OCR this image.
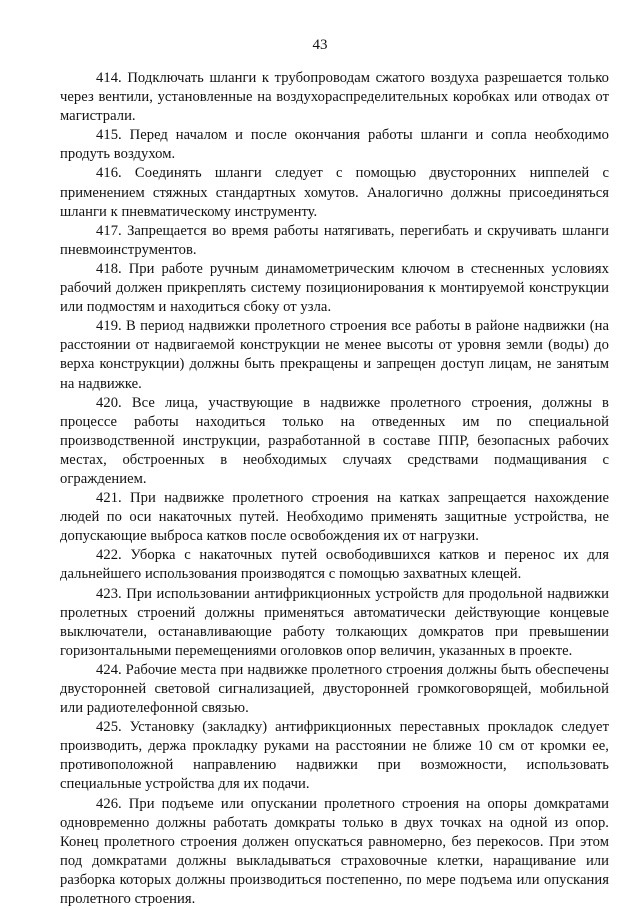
43

414. Подключать шланги к трубопроводам сжатого воздуха разрешается только через вентили, установленные на воздухораспределительных коробках или отводах от магистрали.

415. Перед началом и после окончания работы шланги и сопла необходимо продуть воздухом.

416. Соединять шланги следует с помощью двусторонних ниппелей с применением стяжных стандартных хомутов. Аналогично должны присоединяться шланги к пневматическому инструменту.

417. Запрещается во время работы натягивать, перегибать и скручивать шланги пневмоинструментов.

418. При работе ручным динамометрическим ключом в стесненных условиях рабочий должен прикреплять систему позиционирования к монтируемой конструкции или подмостям и находиться сбоку от узла.

419. В период надвижки пролетного строения все работы в районе надвижки (на расстоянии от надвигаемой конструкции не менее высоты от уровня земли (воды) до верха конструкции) должны быть прекращены и запрещен доступ лицам, не занятым на надвижке.

420. Все лица, участвующие в надвижке пролетного строения, должны в процессе работы находиться только на отведенных им по специальной производственной инструкции, разработанной в составе ППР, безопасных рабочих местах, обстроенных в необходимых случаях средствами подмащивания с ограждением.

421. При надвижке пролетного строения на катках запрещается нахождение людей по оси накаточных путей. Необходимо применять защитные устройства, не допускающие выброса катков после освобождения их от нагрузки.

422. Уборка с накаточных путей освободившихся катков и перенос их для дальнейшего использования производятся с помощью захватных клещей.

423. При использовании антифрикционных устройств для продольной надвижки пролетных строений должны применяться автоматически действующие концевые выключатели, останавливающие работу толкающих домкратов при превышении горизонтальными перемещениями оголовков опор величин, указанных в проекте.

424. Рабочие места при надвижке пролетного строения должны быть обеспечены двусторонней световой сигнализацией, двусторонней громкоговорящей, мобильной или радиотелефонной связью.

425. Установку (закладку) антифрикционных переставных прокладок следует производить, держа прокладку руками на расстоянии не ближе 10 см от кромки ее, противоположной направлению надвижки при возможности, использовать специальные устройства для их подачи.

426. При подъеме или опускании пролетного строения на опоры домкратами одновременно должны работать домкраты только в двух точках на одной из опор. Конец пролетного строения должен опускаться равномерно, без перекосов. При этом под домкратами должны выкладываться страховочные клетки, наращивание или разборка которых должны производиться постепенно, по мере подъема или опускания пролетного строения.
